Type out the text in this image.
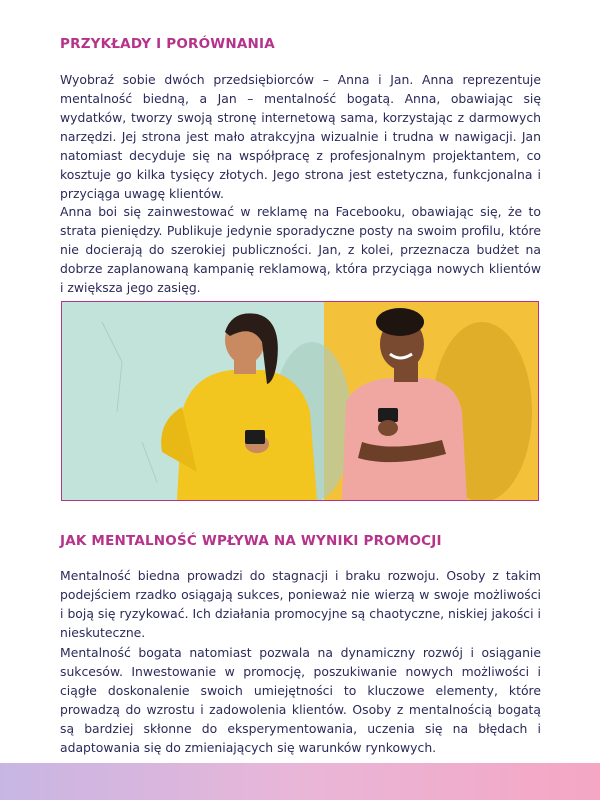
PRZYKŁADY I PORÓWNANIA

Wyobraź sobie dwóch przedsiębiorców – Anna i Jan. Anna reprezentuje mentalność biedną, a Jan – mentalność bogatą. Anna, obawiając się wydatków, tworzy swoją stronę internetową sama, korzystając z darmowych narzędzi. Jej strona jest mało atrakcyjna wizualnie i trudna w nawigacji. Jan natomiast decyduje się na współpracę z profesjonalnym projektantem, co kosztuje go kilka tysięcy złotych. Jego strona jest estetyczna, funkcjonalna i przyciąga uwagę klientów.

Anna boi się zainwestować w reklamę na Facebooku, obawiając się, że to strata pieniędzy. Publikuje jedynie sporadyczne posty na swoim profilu, które nie docierają do szerokiej publiczności. Jan, z kolei, przeznacza budżet na dobrze zaplanowaną kampanię reklamową, która przyciąga nowych klientów i zwiększa jego zasięg.

JAK MENTALNOŚĆ WPŁYWA NA WYNIKI PROMOCJI

Mentalność biedna prowadzi do stagnacji i braku rozwoju. Osoby z takim podejściem rzadko osiągają sukces, ponieważ nie wierzą w swoje możliwości i boją się ryzykować. Ich działania promocyjne są chaotyczne, niskiej jakości i nieskuteczne.

Mentalność bogata natomiast pozwala na dynamiczny rozwój i osiąganie sukcesów. Inwestowanie w promocję, poszukiwanie nowych możliwości i ciągłe doskonalenie swoich umiejętności to kluczowe elementy, które prowadzą do wzrostu i zadowolenia klientów. Osoby z mentalnością bogatą są bardziej skłonne do eksperymentowania, uczenia się na błędach i adaptowania się do zmieniających się warunków rynkowych.
